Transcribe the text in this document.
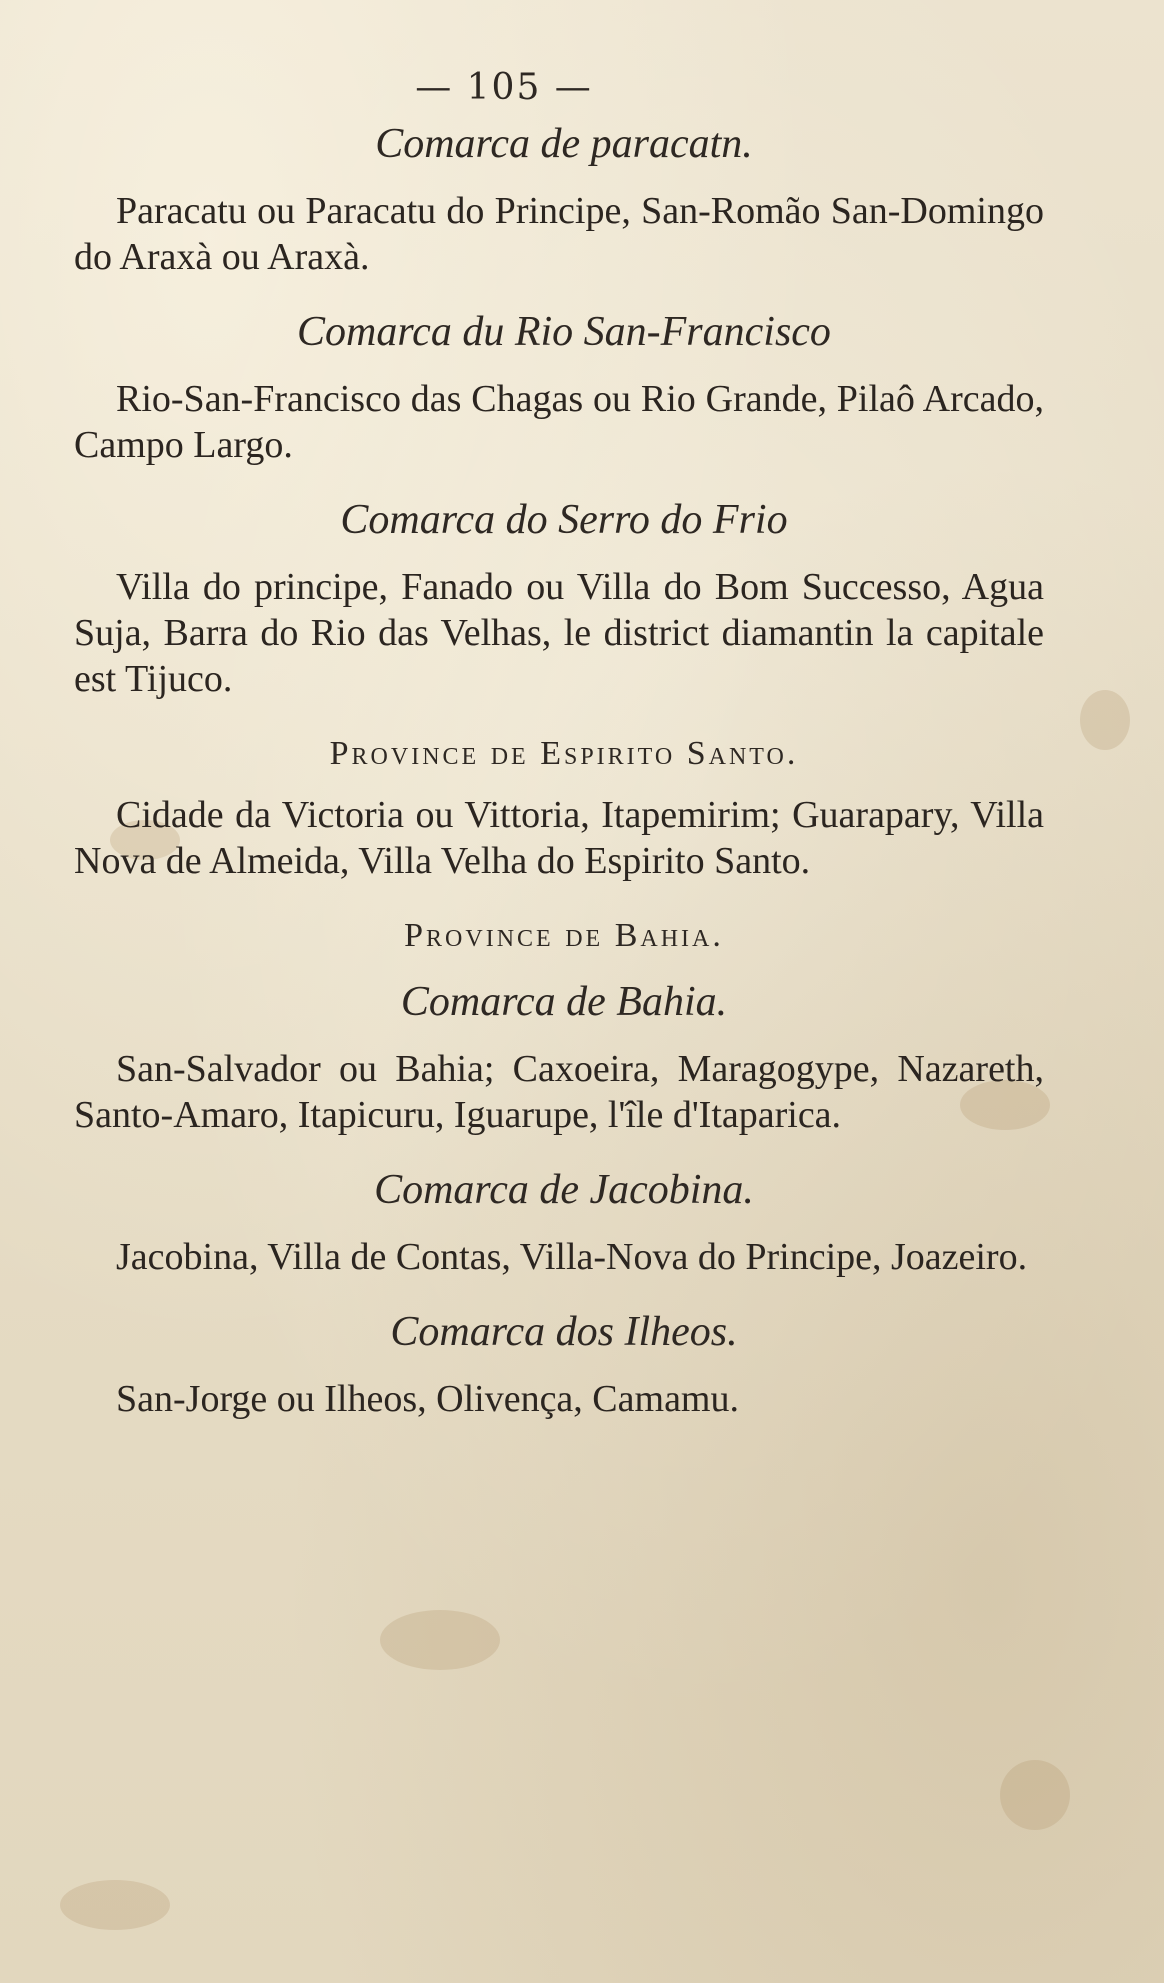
— 105 —
Comarca de paracatn.
Paracatu ou Paracatu do Principe, San-Romão San-Domingo do Araxà ou Araxà.
Comarca du Rio San-Francisco
Rio-San-Francisco das Chagas ou Rio Grande, Pilaô Arcado, Campo Largo.
Comarca do Serro do Frio
Villa do principe, Fanado ou Villa do Bom Successo, Agua Suja, Barra do Rio das Velhas, le district diamantin la capitale est Tijuco.
Province de Espirito Santo.
Cidade da Victoria ou Vittoria, Itapemirim; Guarapary, Villa Nova de Almeida, Villa Velha do Espirito Santo.
Province de Bahia.
Comarca de Bahia.
San-Salvador ou Bahia; Caxoeira, Maragogype, Nazareth, Santo-Amaro, Itapicuru, Iguarupe, l'île d'Itaparica.
Comarca de Jacobina.
Jacobina, Villa de Contas, Villa-Nova do Principe, Joazeiro.
Comarca dos Ilheos.
San-Jorge ou Ilheos, Olivença, Camamu.
